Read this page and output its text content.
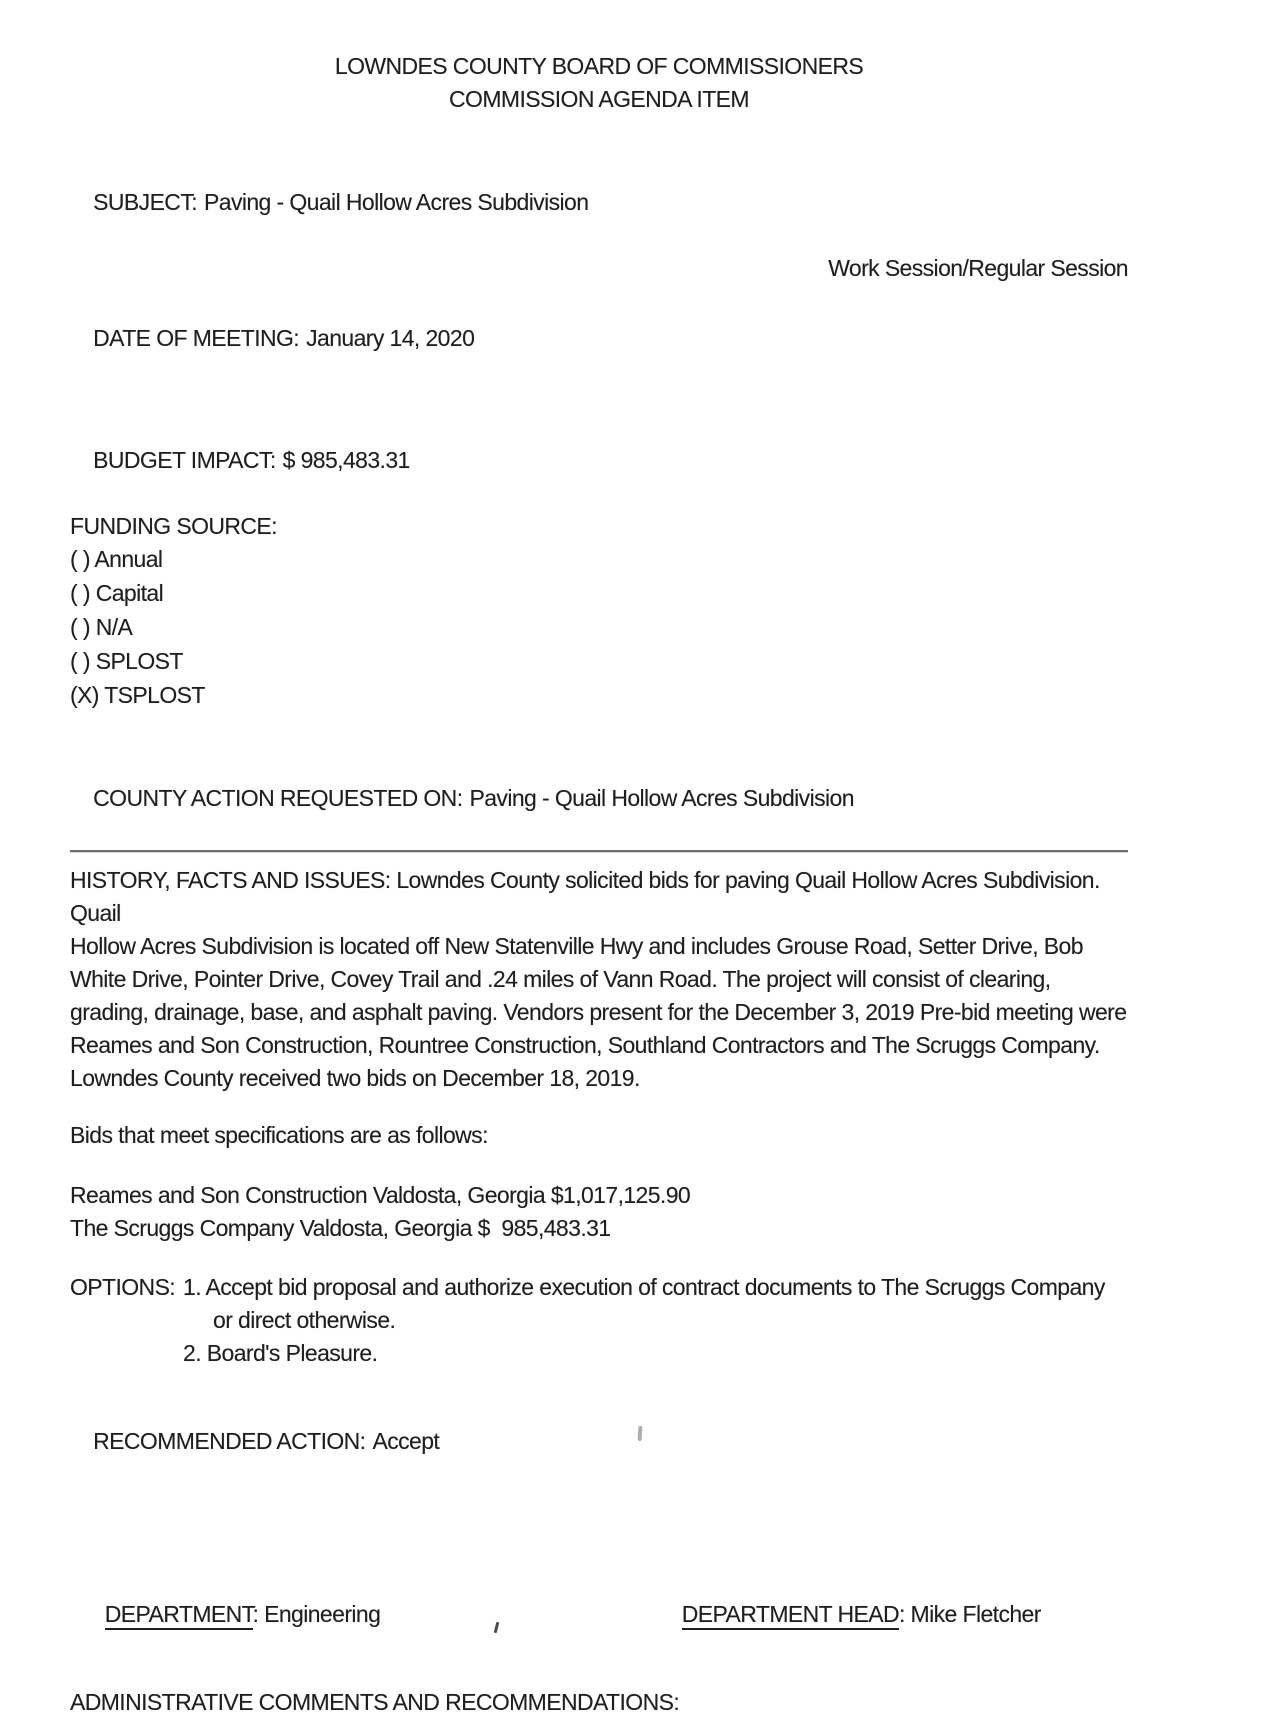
LOWNDES COUNTY BOARD OF COMMISSIONERS
COMMISSION AGENDA ITEM

SUBJECT: Paving - Quail Hollow Acres Subdivision

Work Session/Regular Session

DATE OF MEETING: January 14, 2020

BUDGET IMPACT: $ 985,483.31

FUNDING SOURCE:
( ) Annual
( ) Capital
( ) N/A
( ) SPLOST
(X) TSPLOST

COUNTY ACTION REQUESTED ON: Paving - Quail Hollow Acres Subdivision

HISTORY, FACTS AND ISSUES: Lowndes County solicited bids for paving Quail Hollow Acres Subdivision. Quail
Hollow Acres Subdivision is located off New Statenville Hwy and includes Grouse Road, Setter Drive, Bob
White Drive, Pointer Drive, Covey Trail and .24 miles of Vann Road. The project will consist of clearing,
grading, drainage, base, and asphalt paving. Vendors present for the December 3, 2019 Pre-bid meeting were
Reames and Son Construction, Rountree Construction, Southland Contractors and The Scruggs Company.
Lowndes County received two bids on December 18, 2019.
Bids that meet specifications are as follows:
Reames and Son Construction Valdosta, Georgia $1,017,125.90
The Scruggs Company Valdosta, Georgia $  985,483.31
OPTIONS: 1. Accept bid proposal and authorize execution of contract documents to The Scruggs Company or direct otherwise.
2. Board's Pleasure.

RECOMMENDED ACTION: Accept

DEPARTMENT: Engineering
	DEPARTMENT HEAD: Mike Fletcher

ADMINISTRATIVE COMMENTS AND RECOMMENDATIONS:
